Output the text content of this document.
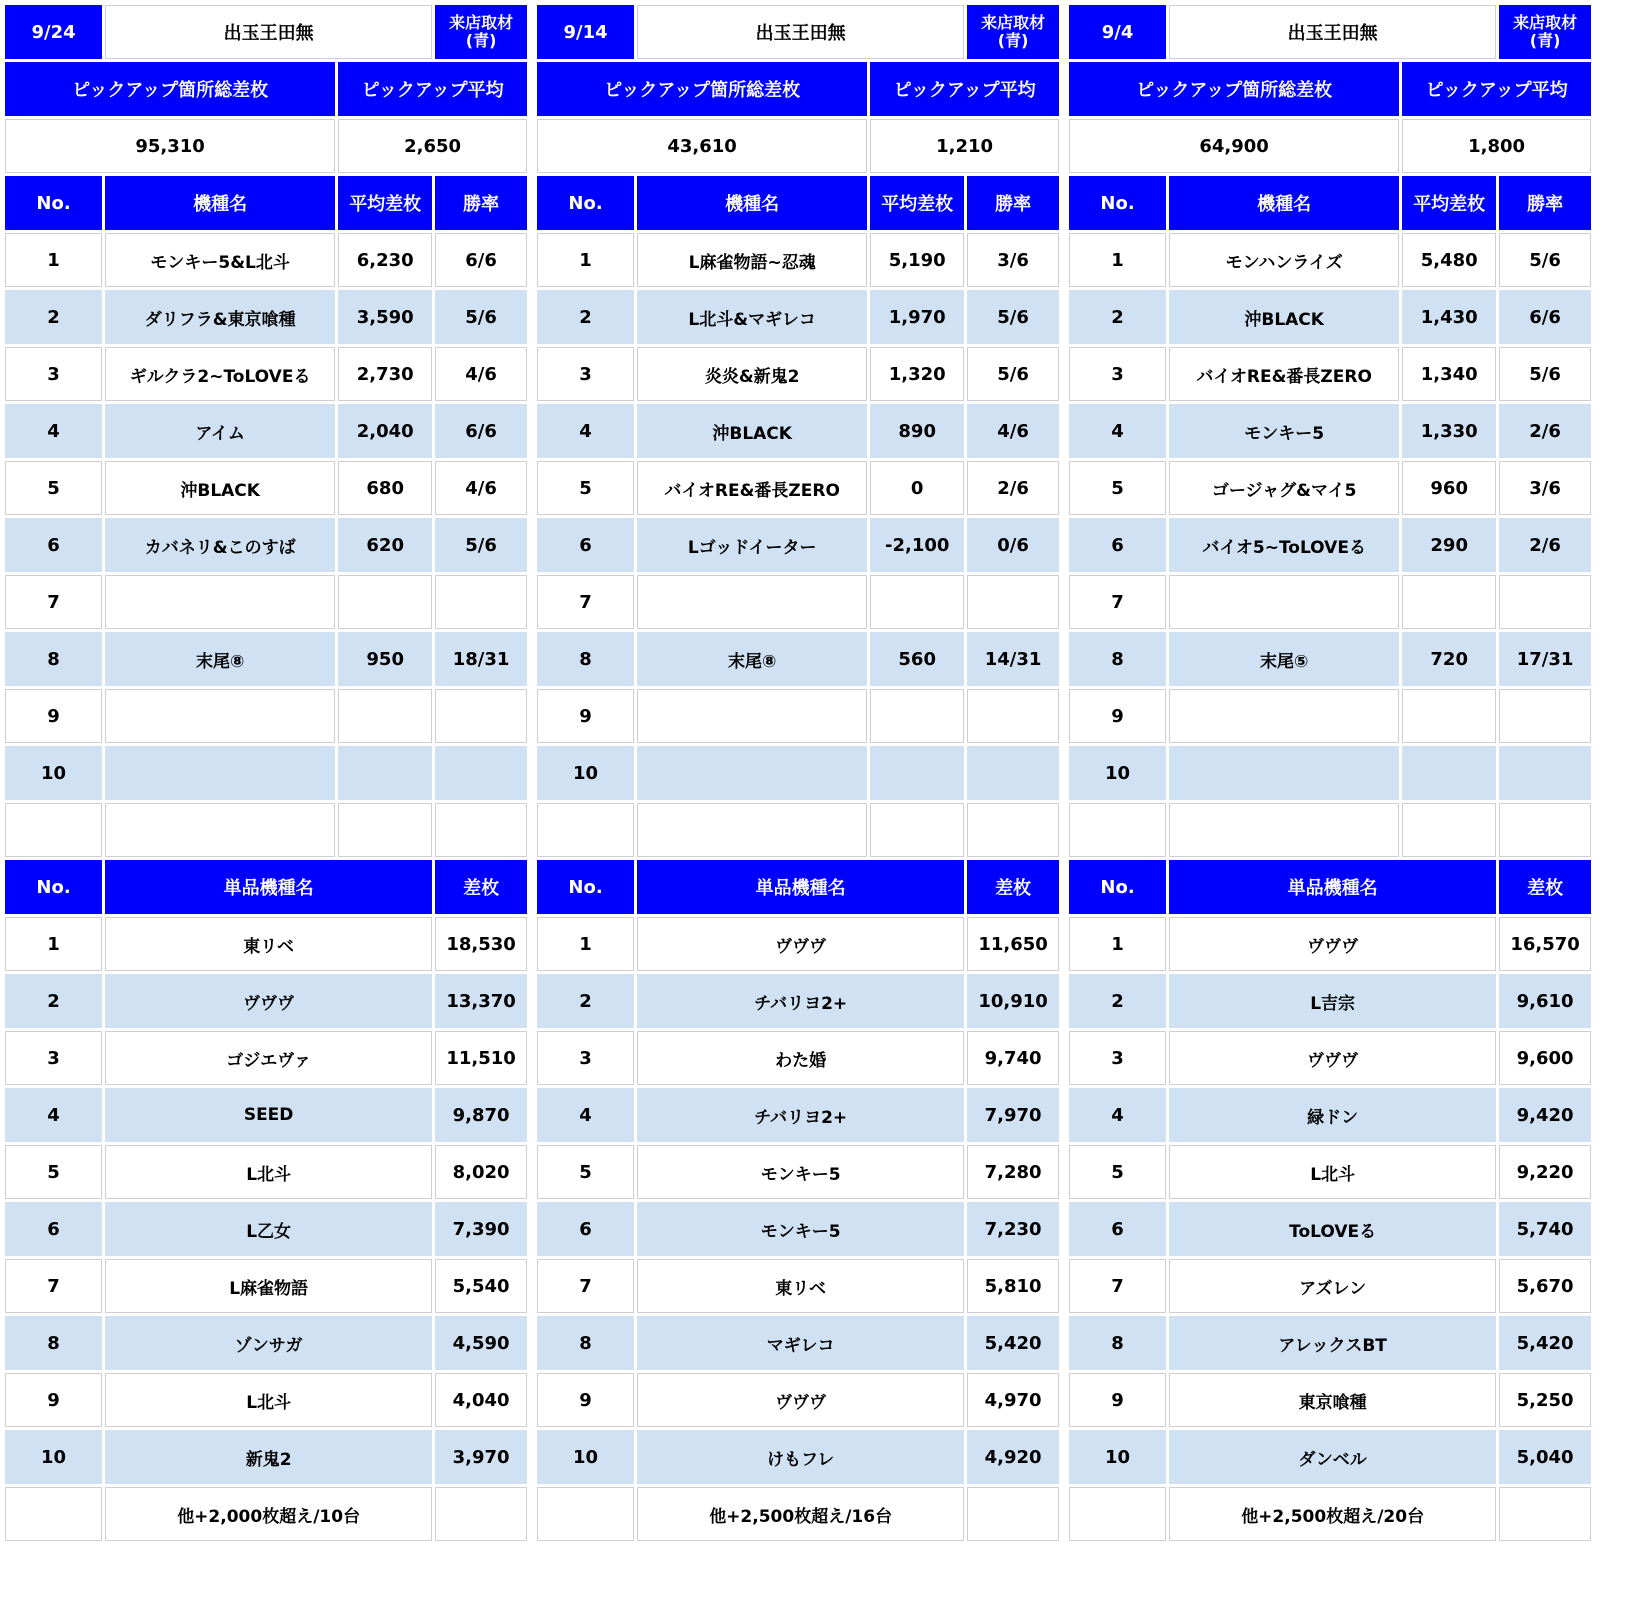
9/24	出玉王田無		来店取材
(青)
ピックアップ箇所総差枚		ピックアップ平均	
95,310		2,650	
No.	機種名	平均差枚	勝率
1	モンキー5&L北斗	6,230	6/6
2	ダリフラ&東京喰種	3,590	5/6
3	ギルクラ2~ToLOVEる	2,730	4/6
4	アイム	2,040	6/6
5	沖BLACK	680	4/6
6	カバネリ&このすば	620	5/6
7			
8	末尾⑧	950	18/31
9			
10			

No.	単品機種名		差枚
1	東リベ		18,530
2	ヴヴヴ		13,370
3	ゴジエヴァ		11,510
4	SEED		9,870
5	L北斗		8,020
6	L乙女		7,390
7	L麻雀物語		5,540
8	ゾンサガ		4,590
9	L北斗		4,040
10	新鬼2		3,970
	他+2,000枚超え/10台		
9/14	出玉王田無		来店取材
(青)
ピックアップ箇所総差枚		ピックアップ平均	
43,610		1,210	
No.	機種名	平均差枚	勝率
1	L麻雀物語~忍魂	5,190	3/6
2	L北斗&マギレコ	1,970	5/6
3	炎炎&新鬼2	1,320	5/6
4	沖BLACK	890	4/6
5	バイオRE&番長ZERO	0	2/6
6	Lゴッドイーター	-2,100	0/6
7			
8	末尾⑧	560	14/31
9			
10			

No.	単品機種名		差枚
1	ヴヴヴ		11,650
2	チバリヨ2+		10,910
3	わた婚		9,740
4	チバリヨ2+		7,970
5	モンキー5		7,280
6	モンキー5		7,230
7	東リベ		5,810
8	マギレコ		5,420
9	ヴヴヴ		4,970
10	けもフレ		4,920
	他+2,500枚超え/16台		
9/4	出玉王田無		来店取材
(青)
ピックアップ箇所総差枚		ピックアップ平均	
64,900		1,800	
No.	機種名	平均差枚	勝率
1	モンハンライズ	5,480	5/6
2	沖BLACK	1,430	6/6
3	バイオRE&番長ZERO	1,340	5/6
4	モンキー5	1,330	2/6
5	ゴージャグ&マイ5	960	3/6
6	バイオ5~ToLOVEる	290	2/6
7			
8	末尾⑤	720	17/31
9			
10			

No.	単品機種名		差枚
1	ヴヴヴ		16,570
2	L吉宗		9,610
3	ヴヴヴ		9,600
4	緑ドン		9,420
5	L北斗		9,220
6	ToLOVEる		5,740
7	アズレン		5,670
8	アレックスBT		5,420
9	東京喰種		5,250
10	ダンベル		5,040
	他+2,500枚超え/20台		
